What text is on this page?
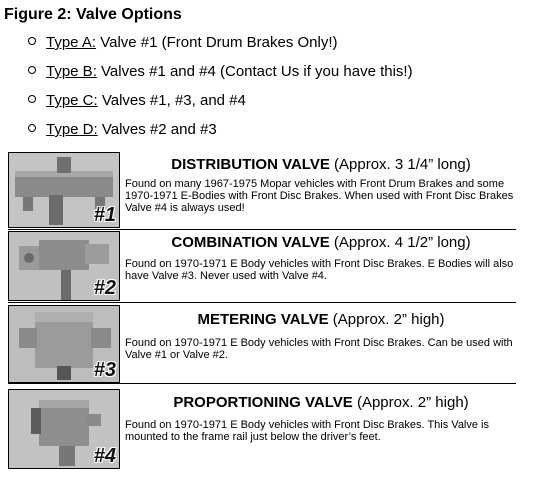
Figure 2: Valve Options
Type A: Valve #1 (Front Drum Brakes Only!)
Type B: Valves #1 and #4 (Contact Us if you have this!)
Type C: Valves #1, #3, and #4
Type D: Valves #2 and #3
#1
DISTRIBUTION VALVE (Approx. 3 1/4” long)
Found on many 1967-1975 Mopar vehicles with Front Drum Brakes and some 1970-1971 E-Bodies with Front Disc Brakes. When used with Front Disc Brakes Valve #4 is always used!
#2
COMBINATION VALVE (Approx. 4 1/2” long)
Found on 1970-1971 E Body vehicles with Front Disc Brakes. E Bodies will also have Valve #3. Never used with Valve #4.
#3
METERING VALVE (Approx. 2” high)
Found on 1970-1971 E Body vehicles with Front Disc Brakes. Can be used with Valve #1 or Valve #2.
#4
PROPORTIONING VALVE (Approx. 2” high)
Found on 1970-1971 E Body vehicles with Front Disc Brakes. This Valve is mounted to the frame rail just below the driver’s feet.
